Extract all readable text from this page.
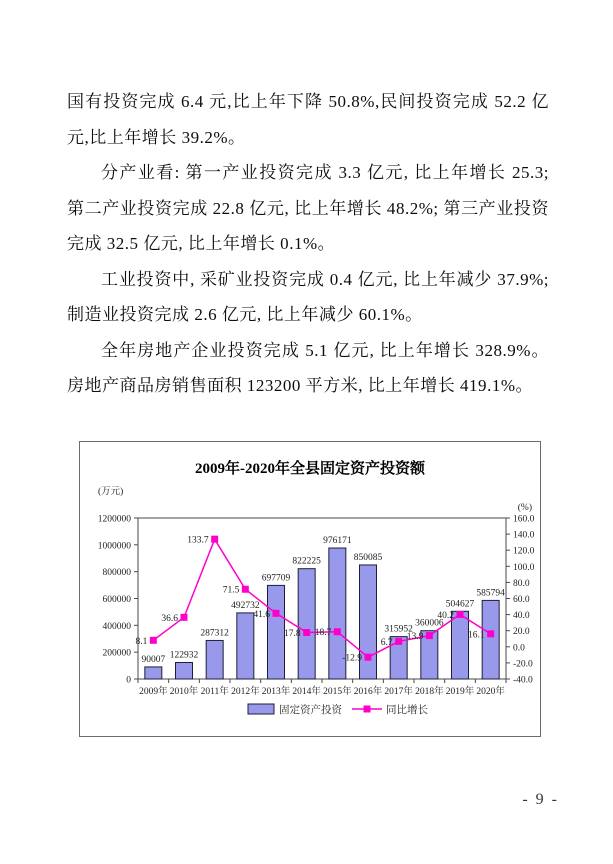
国有投资完成 6.4 元,比上年下降 50.8%,民间投资完成 52.2 亿元,比上年增长 39.2%。

分产业看: 第一产业投资完成 3.3 亿元, 比上年增长 25.3; 第二产业投资完成 22.8 亿元, 比上年增长 48.2%; 第三产业投资完成 32.5 亿元, 比上年增长 0.1%。

工业投资中, 采矿业投资完成 0.4 亿元, 比上年减少 37.9%; 制造业投资完成 2.6 亿元, 比上年减少 60.1%。

全年房地产企业投资完成 5.1 亿元, 比上年增长 328.9%。房地产商品房销售面积 123200 平方米, 比上年增长 419.1%。

2009年-2020年全县固定资产投资额
(万元)
(%)
0
200000
400000
600000
800000
1000000
1200000
-40.0
-20.0
0.0
20.0
40.0
60.0
80.0
100.0
120.0
140.0
160.0
2009年 2010年 2011年 2012年 2013年 2014年 2015年 2016年 2017年 2018年 2019年 2020年
90007 122932
287312
492732
697709
822225
976171
850085
315952
360006
504627
585794
8.1
36.6
133.7
71.5
41.6
17.8 18.7
-12.9
6.7
13.9
40.2
16.1
固定资产投资	同比增长
- 9 -
